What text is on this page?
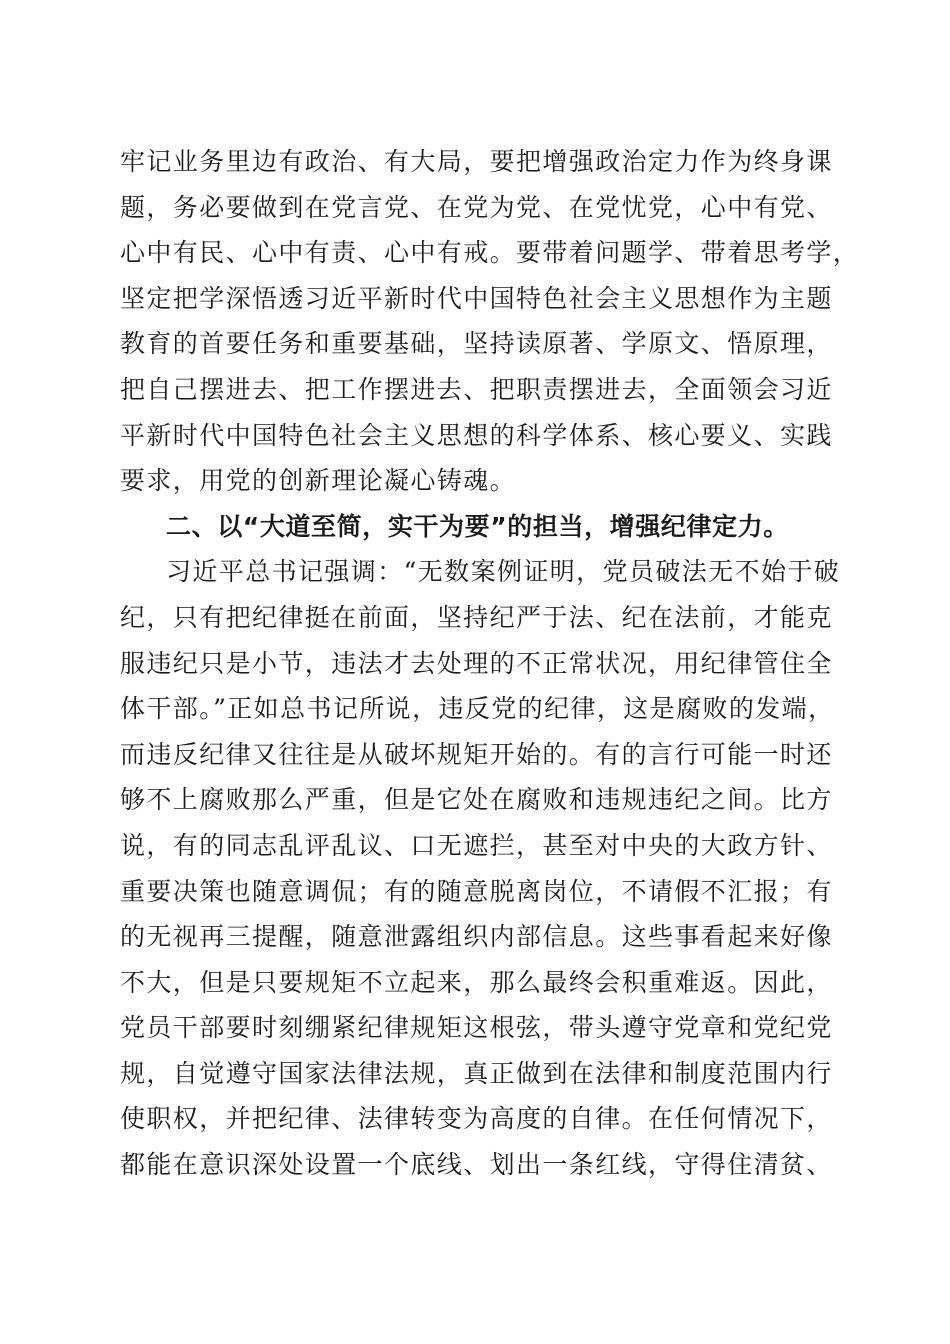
牢记业务里边有政治、有大局，要把增强政治定力作为终身课
题，务必要做到在党言党、在党为党、在党忧党，心中有党、
心中有民、心中有责、心中有戒。要带着问题学、带着思考学，
坚定把学深悟透习近平新时代中国特色社会主义思想作为主题
教育的首要任务和重要基础，坚持读原著、学原文、悟原理，
把自己摆进去、把工作摆进去、把职责摆进去，全面领会习近
平新时代中国特色社会主义思想的科学体系、核心要义、实践
要求，用党的创新理论凝心铸魂。
二、以“大道至简，实干为要”的担当，增强纪律定力。
习近平总书记强调：“无数案例证明，党员破法无不始于破
纪，只有把纪律挺在前面，坚持纪严于法、纪在法前，才能克
服违纪只是小节，违法才去处理的不正常状况，用纪律管住全
体干部。”正如总书记所说，违反党的纪律，这是腐败的发端，
而违反纪律又往往是从破坏规矩开始的。有的言行可能一时还
够不上腐败那么严重，但是它处在腐败和违规违纪之间。比方
说，有的同志乱评乱议、口无遮拦，甚至对中央的大政方针、
重要决策也随意调侃；有的随意脱离岗位，不请假不汇报；有
的无视再三提醒，随意泄露组织内部信息。这些事看起来好像
不大，但是只要规矩不立起来，那么最终会积重难返。因此，
党员干部要时刻绷紧纪律规矩这根弦，带头遵守党章和党纪党
规，自觉遵守国家法律法规，真正做到在法律和制度范围内行
使职权，并把纪律、法律转变为高度的自律。在任何情况下，
都能在意识深处设置一个底线、划出一条红线，守得住清贫、
